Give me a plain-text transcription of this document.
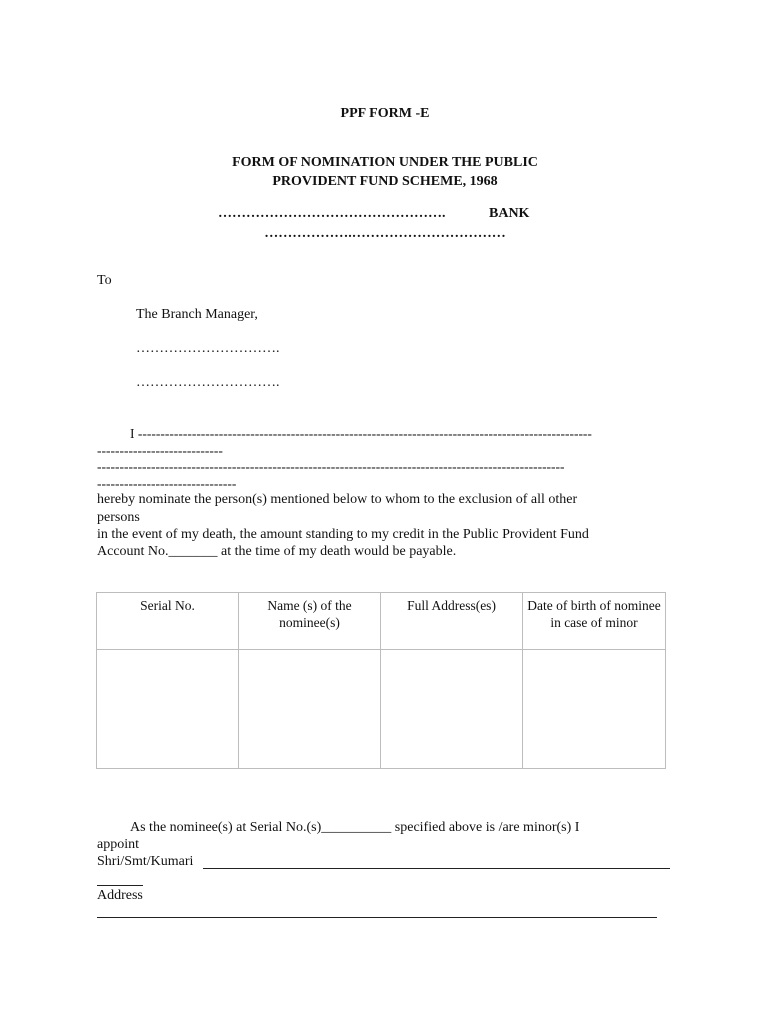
PPF FORM -E
FORM OF NOMINATION UNDER THE PUBLIC
PROVIDENT FUND SCHEME, 1968
………………………………………….	BANK
……………….……………………………
To
The Branch Manager,
………………………….
………………………….
I -----------------------------------------------------------------------------------------------------
----------------------------
--------------------------------------------------------------------------------------------------------
-------------------------------
hereby nominate the person(s) mentioned below to whom to the exclusion of all other
persons
in the event of my death, the amount standing to my credit in the Public Provident Fund
Account No._______ at the time of my death would be payable.
Serial No.	Name (s) of the nominee(s)	Full Address(es)	Date of birth of nominee in case of minor

As the nominee(s) at Serial No.(s)__________ specified above is /are minor(s) I
appoint
Shri/Smt/Kumari
Address
